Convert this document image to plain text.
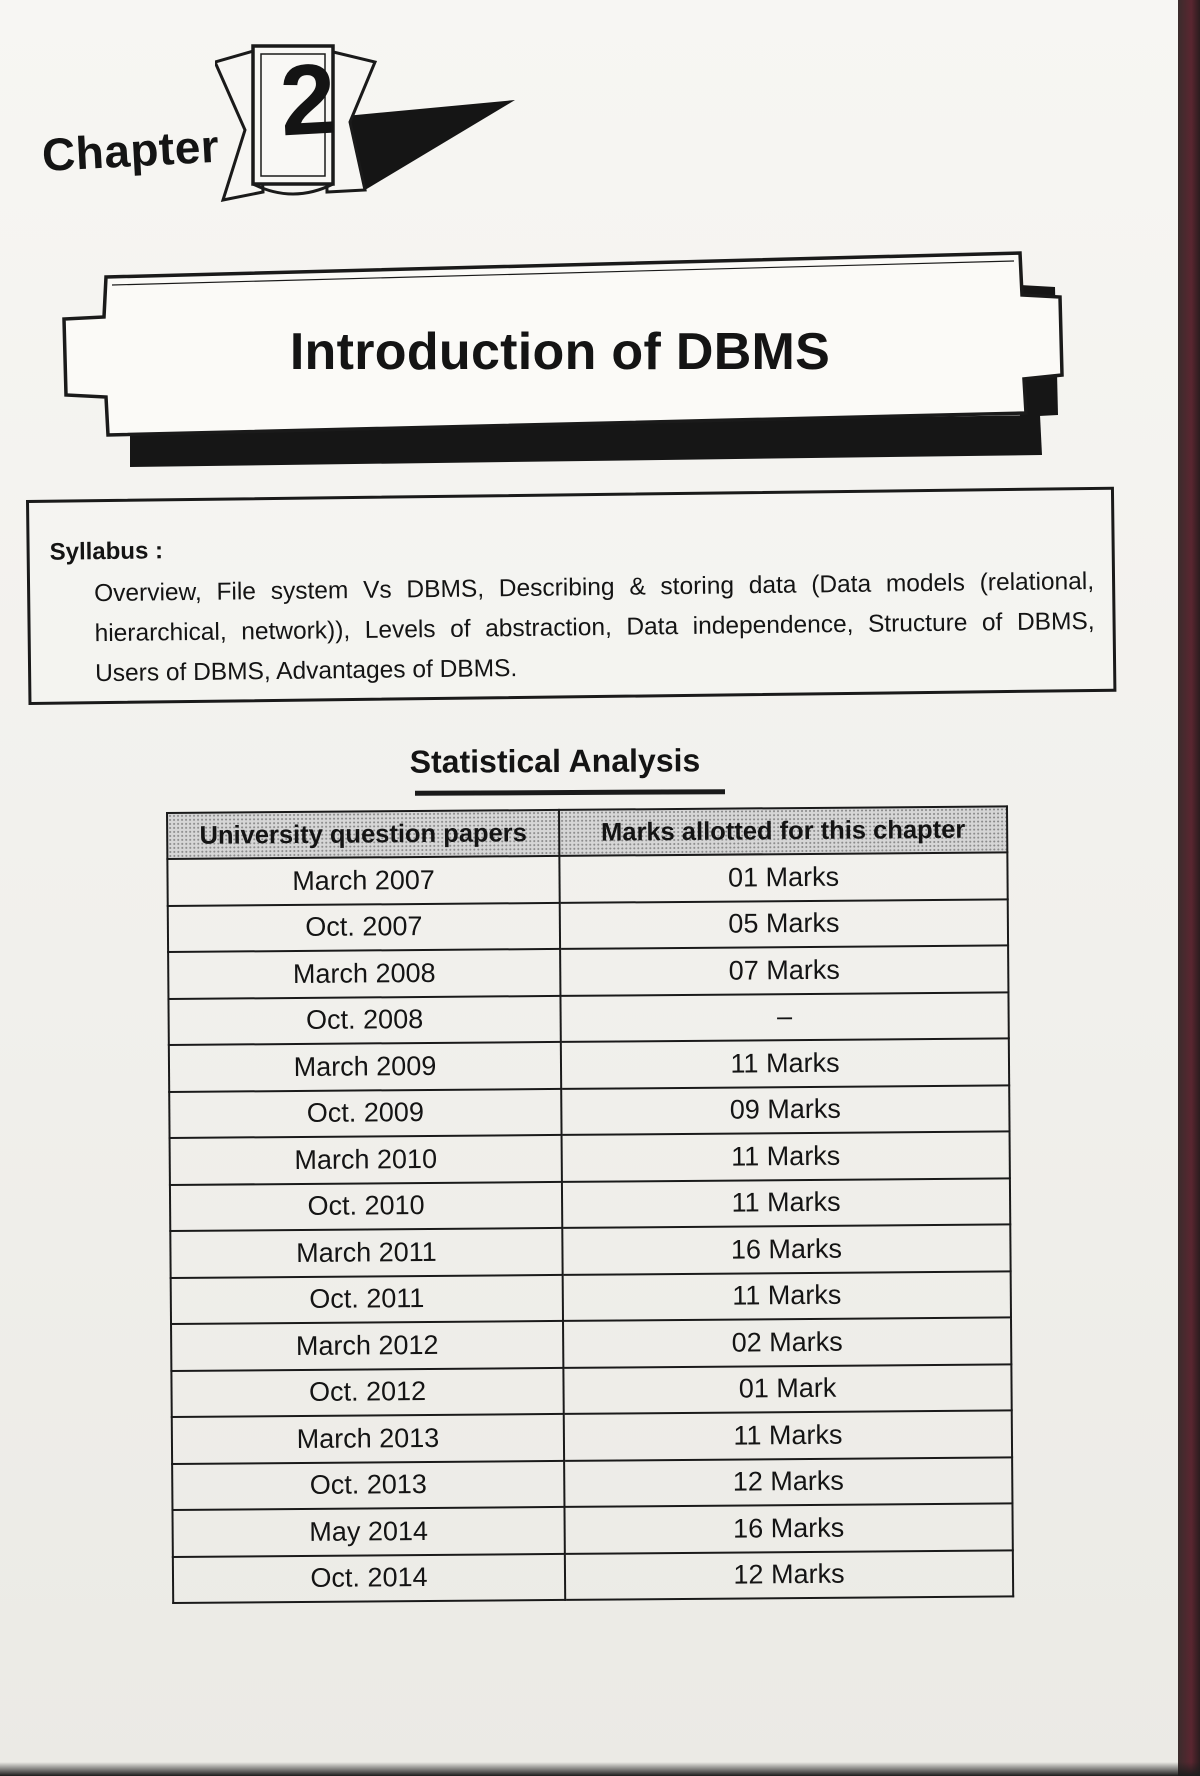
Chapter 2
Introduction of DBMS
Syllabus :
Overview, File system Vs DBMS, Describing & storing data (Data models (relational, hierarchical, network)), Levels of abstraction, Data independence, Structure of DBMS, Users of DBMS, Advantages of DBMS.
Statistical Analysis
University question papers	Marks allotted for this chapter
March 2007	01 Marks
Oct. 2007	05 Marks
March 2008	07 Marks
Oct. 2008	–
March 2009	11 Marks
Oct. 2009	09 Marks
March 2010	11 Marks
Oct. 2010	11 Marks
March 2011	16 Marks
Oct. 2011	11 Marks
March 2012	02 Marks
Oct. 2012	01 Mark
March 2013	11 Marks
Oct. 2013	12 Marks
May 2014	16 Marks
Oct. 2014	12 Marks
